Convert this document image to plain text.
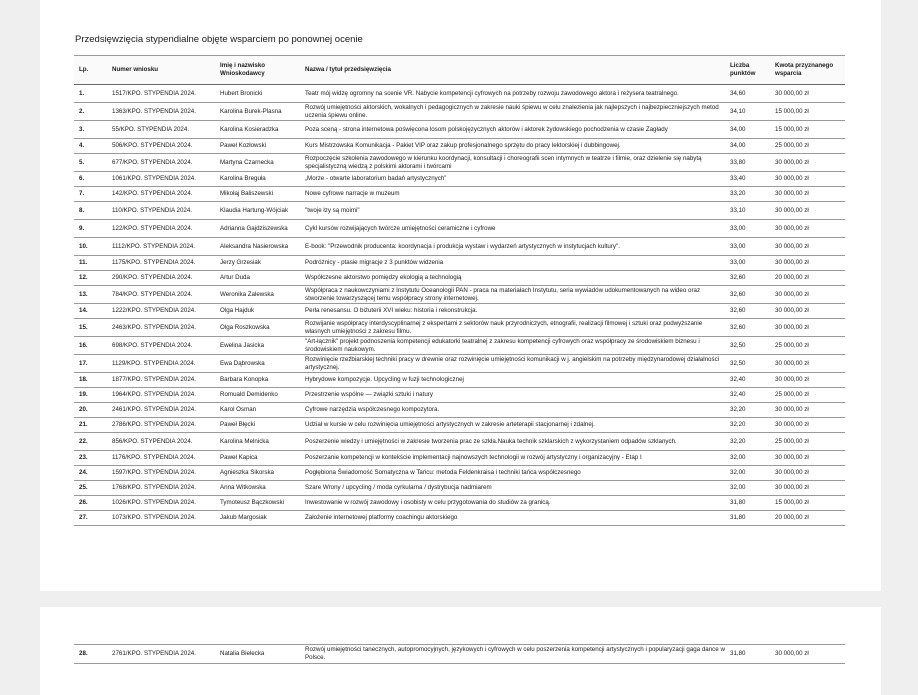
Przedsięwzięcia stypendialne objęte wsparciem po ponownej ocenie
Lp.	Numer wniosku	Imię i nazwisko Wnioskodawcy	Nazwa / tytuł przedsięwzięcia	Liczba punktów	Kwota przyznanego wsparcia
1.	1517/KPO. STYPENDIA 2024.	Hubert Bronicki	Teatr mój widzę ogromny na scenie VR. Nabycie kompetencji cyfrowych na potrzeby rozwoju zawodowego aktora i reżysera teatralnego.	34,60	30 000,00 zł
2.	1363/KPO. STYPENDIA 2024.	Karolina Burek-Plasna	Rozwój umiejętności aktorskich, wokalnych i pedagogicznych w zakresie nauki śpiewu w celu znalezienia jak najlepszych i najbezpieczniejszych metod uczenia śpiewu online.	34,10	15 000,00 zł
3.	55/KPO. STYPENDIA 2024.	Karolina Kosieradzka	Poza sceną - strona internetowa poświęcona losom polskojęzycznych aktorów i aktorek żydowskiego pochodzenia w czasie Zagłady	34,00	15 000,00 zł
4.	506/KPO. STYPENDIA 2024.	Paweł Kozłowski	Kurs Mistrzowska Komunikacja - Pakiet VIP oraz zakup profesjonalnego sprzętu do pracy lektorskiej i dubbingowej.	34,00	25 000,00 zł
5.	677/KPO. STYPENDIA 2024.	Martyna Czarnecka	Rozpoczęcie szkolenia zawodowego w kierunku koordynacji, konsultacji i choreografii scen intymnych w teatrze i filmie, oraz dzielenie się nabytą specjalistyczną wiedzą z polskimi aktorami i twórcami	33,80	30 000,00 zł
6.	1061/KPO. STYPENDIA 2024.	Karolina Breguła	„Morze - otwarte laboratorium badań artystycznych”	33,40	30 000,00 zł
7.	142/KPO. STYPENDIA 2024.	Mikołaj Baliszewski	Nowe cyfrowe narracje w muzeum	33,20	30 000,00 zł
8.	110/KPO. STYPENDIA 2024.	Klaudia Hartung-Wójciak	"twoje łzy są moimi"	33,10	30 000,00 zł
9.	122/KPO. STYPENDIA 2024.	Adrianna Gajdziszewska	Cykl kursów rozwijających twórcze umiejętności ceramiczne i cyfrowe	33,00	30 000,00 zł
10.	1112/KPO. STYPENDIA 2024.	Aleksandra Nasierowska	E-book: "Przewodnik producenta: koordynacja i produkcja wystaw i wydarzeń artystycznych w instytucjach kultury".	33,00	30 000,00 zł
11.	1175/KPO. STYPENDIA 2024.	Jerzy Grzesiak	Podróżnicy - ptasie migracje z 3 punktów widzenia	33,00	30 000,00 zł
12.	290/KPO. STYPENDIA 2024.	Artur Duda	Współczesne aktorstwo pomiędzy ekologią a technologią	32,60	20 000,00 zł
13.	784/KPO. STYPENDIA 2024.	Weronika Zalewska	Współpraca z naukowczyniami z Instytutu Oceanologii PAN - praca na materiałach Instytutu, seria wywiadów udokumentowanych na wideo oraz stworzenie towarzyszącej temu współpracy strony internetowej.	32,60	30 000,00 zł
14.	1222/KPO. STYPENDIA 2024.	Olga Hajduk	Perła renesansu. O biżuterii XVI wieku: historia i rekonstrukcja.	32,60	30 000,00 zł
15.	2463/KPO. STYPENDIA 2024.	Olga Roszkowska	Rozwijanie współpracy interdyscyplinarnej z ekspertami z sektorów nauk przyrodniczych, etnografii, realizacji filmowej i sztuki oraz podwyższanie własnych umiejętności z zakresu filmu.	32,60	30 000,00 zł
16.	698/KPO. STYPENDIA 2024.	Ewelina Jasicka	"Art-łącznik" projekt podnoszenia kompetencji edukatorki teatralnej z zakresu kompetencji cyfrowych oraz współpracy ze środowiskiem biznesu i środowiskiem naukowym.	32,50	25 000,00 zł
17.	1129/KPO. STYPENDIA 2024.	Ewa Dąbrowska	Rozwinięcie rzeźbiarskiej techniki pracy w drewnie oraz rozwinięcie umiejętności komunikacji w j. angielskim na potrzeby międzynarodowej działalności artystycznej.	32,50	30 000,00 zł
18.	1877/KPO. STYPENDIA 2024.	Barbara Konopka	Hybrydowe kompozycje. Upcycling w fuzji technologicznej	32,40	30 000,00 zł
19.	1964/KPO. STYPENDIA 2024.	Romuald Demidenko	Przestrzenie wspólne — związki sztuki i natury	32,40	25 000,00 zł
20.	2461/KPO. STYPENDIA 2024.	Karol Osman	Cyfrowe narzędzia współczesnego kompozytora.	32,20	30 000,00 zł
21.	2786/KPO. STYPENDIA 2024.	Paweł Błęcki	Udział w kursie w celu rozwinięcia umiejętności artystycznych w zakresie arteterapii stacjonarnej i zdalnej.	32,20	30 000,00 zł
22.	856/KPO. STYPENDIA 2024.	Karolina Melnicka	Poszerzenie wiedzy i umiejętności w zakresie tworzenia prac ze szkła.Nauka technik szklarskich z wykorzystaniem odpadów szklanych.	32,20	25 000,00 zł
23.	1176/KPO. STYPENDIA 2024.	Paweł Kapica	Poszerzanie kompetencji w kontekście implementacji najnowszych technologii w rozwój artystyczny i organizacyjny - Etap I	32,00	30 000,00 zł
24.	1597/KPO. STYPENDIA 2024.	Agnieszka Sikorska	Pogłębiona Świadomość Somatyczna w Tańcu: metoda Feldenkraisa i techniki tańca współczesnego	32,00	30 000,00 zł
25.	1768/KPO. STYPENDIA 2024.	Anna Witkowska	Szare Wrony / upcycling / moda cyrkularna / dystrybucja nadmiarem	32,00	30 000,00 zł
26.	1026/KPO. STYPENDIA 2024.	Tymoteusz Bączkowski	Inwestowanie w rozwój zawodowy i osobisty w celu przygotowania do studiów za granicą.	31,80	15 000,00 zł
27.	1073/KPO. STYPENDIA 2024.	Jakub Margosiak	Założenie internetowej platformy coachingu aktorskiego	31,80	20 000,00 zł
28.	2761/KPO. STYPENDIA 2024.	Natalia Bielecka	Rozwój umiejętności tanecznych, autopromocyjnych, językowych i cyfrowych w celu poszerzenia kompetencji artystycznych i popularyzacji gaga dance w Polsce.	31,80	30 000,00 zł
